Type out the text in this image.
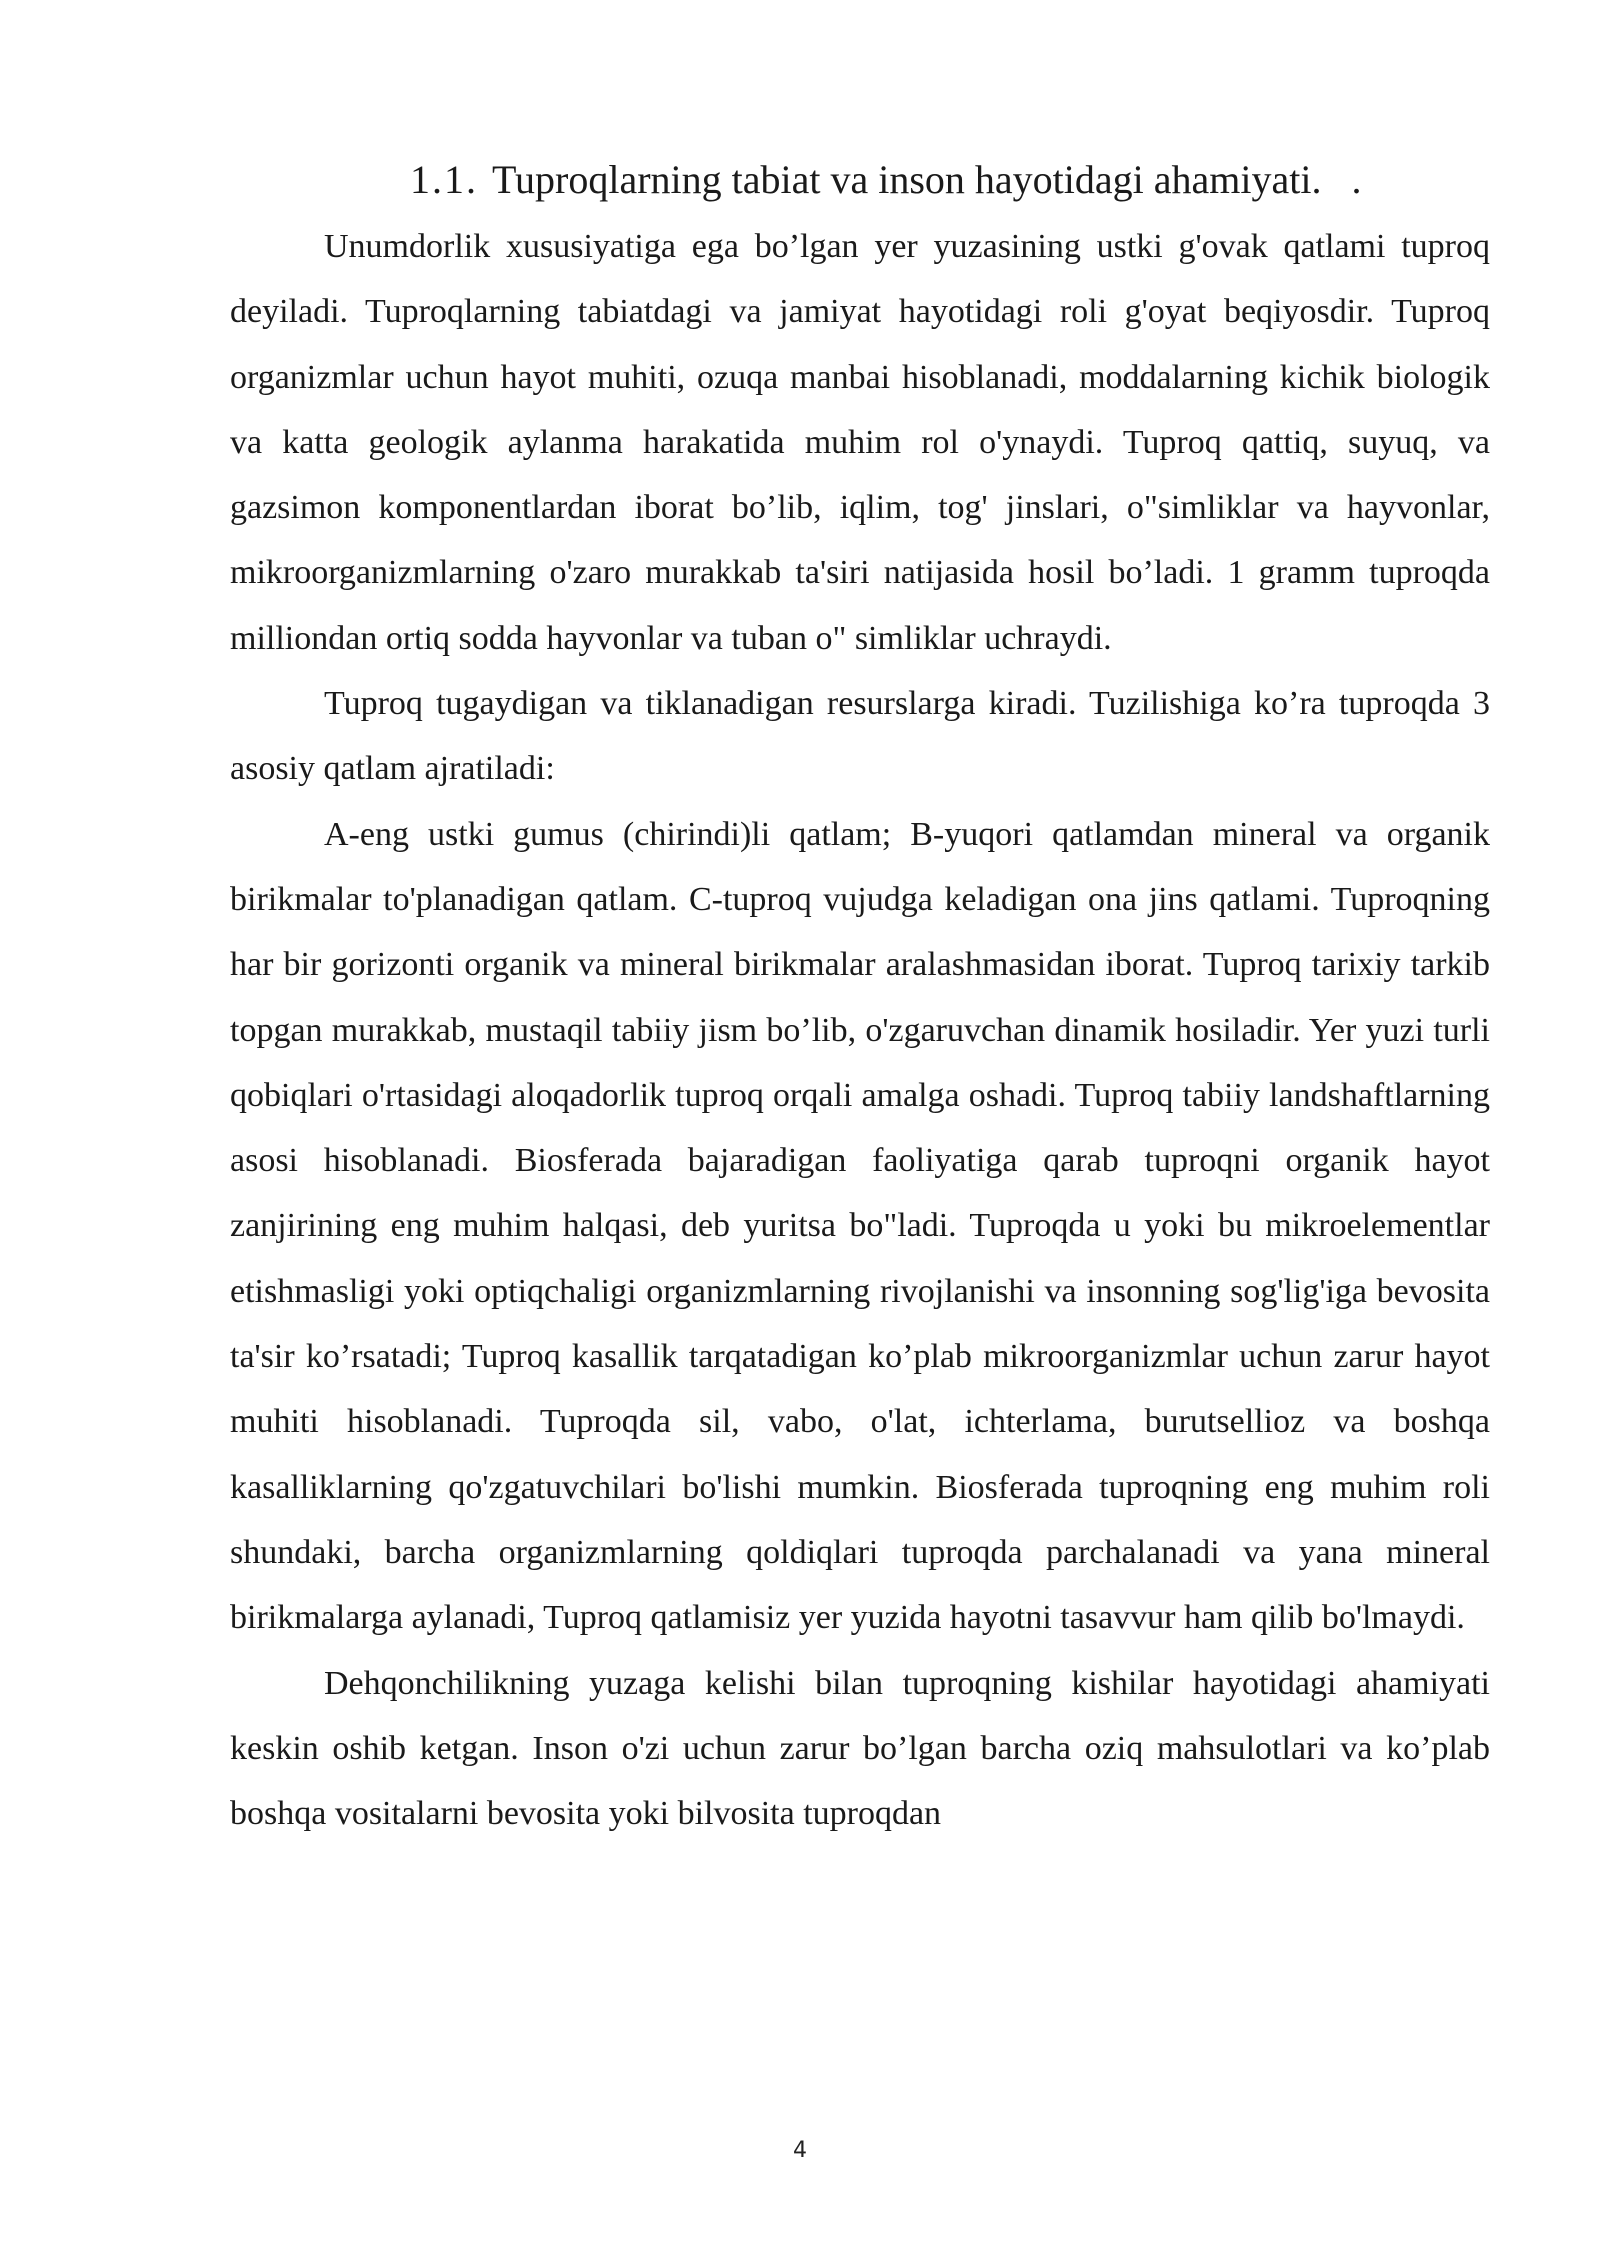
1.1. Tuproqlarning tabiat va inson hayotidagi ahamiyati. .

Unumdorlik xususiyatiga ega bo’lgan yer yuzasining ustki g'ovak qatlami tuproq deyiladi. Tuproqlarning tabiatdagi va jamiyat hayotidagi roli g'oyat beqiyosdir. Tuproq organizmlar uchun hayot muhiti, ozuqa manbai hisoblanadi, moddalarning kichik biologik va katta geologik aylanma harakatida muhim rol o'ynaydi. Tuproq qattiq, suyuq, va gazsimon komponentlardan iborat bo’lib, iqlim, tog' jinslari, o"simliklar va hayvonlar, mikroorganizmlarning o'zaro murakkab ta'siri natijasida hosil bo’ladi. 1 gramm tuproqda milliondan ortiq sodda hayvonlar va tuban o" simliklar uchraydi.

Tuproq tugaydigan va tiklanadigan resurslarga kiradi. Tuzilishiga ko’ra tuproqda 3 asosiy qatlam ajratiladi:

A-eng ustki gumus (chirindi)li qatlam; B-yuqori qatlamdan mineral va organik birikmalar to'planadigan qatlam. C-tuproq vujudga keladigan ona jins qatlami. Tuproqning har bir gorizonti organik va mineral birikmalar aralashmasidan iborat. Tuproq tarixiy tarkib topgan murakkab, mustaqil tabiiy jism bo’lib, o'zgaruvchan dinamik hosiladir. Yer yuzi turli qobiqlari o'rtasidagi aloqadorlik tuproq orqali amalga oshadi. Tuproq tabiiy landshaftlarning asosi hisoblanadi. Biosferada bajaradigan faoliyatiga qarab tuproqni organik hayot zanjirining eng muhim halqasi, deb yuritsa bo"ladi. Tuproqda u yoki bu mikroelementlar etishmasligi yoki optiqchaligi organizmlarning rivojlanishi va insonning sog'lig'iga bevosita ta'sir ko’rsatadi; Tuproq kasallik tarqatadigan ko’plab mikroorganizmlar uchun zarur hayot muhiti hisoblanadi. Tuproqda sil, vabo, o'lat, ichterlama, burutsellioz va boshqa kasalliklarning qo'zgatuvchilari bo'lishi mumkin. Biosferada tuproqning eng muhim roli shundaki, barcha organizmlarning qoldiqlari tuproqda parchalanadi va yana mineral birikmalarga aylanadi, Tuproq qatlamisiz yer yuzida hayotni tasavvur ham qilib bo'lmaydi.

Dehqonchilikning yuzaga kelishi bilan tuproqning kishilar hayotidagi ahamiyati keskin oshib ketgan. Inson o'zi uchun zarur bo’lgan barcha oziq mahsulotlari va ko’plab boshqa vositalarni bevosita yoki bilvosita tuproqdan

4
